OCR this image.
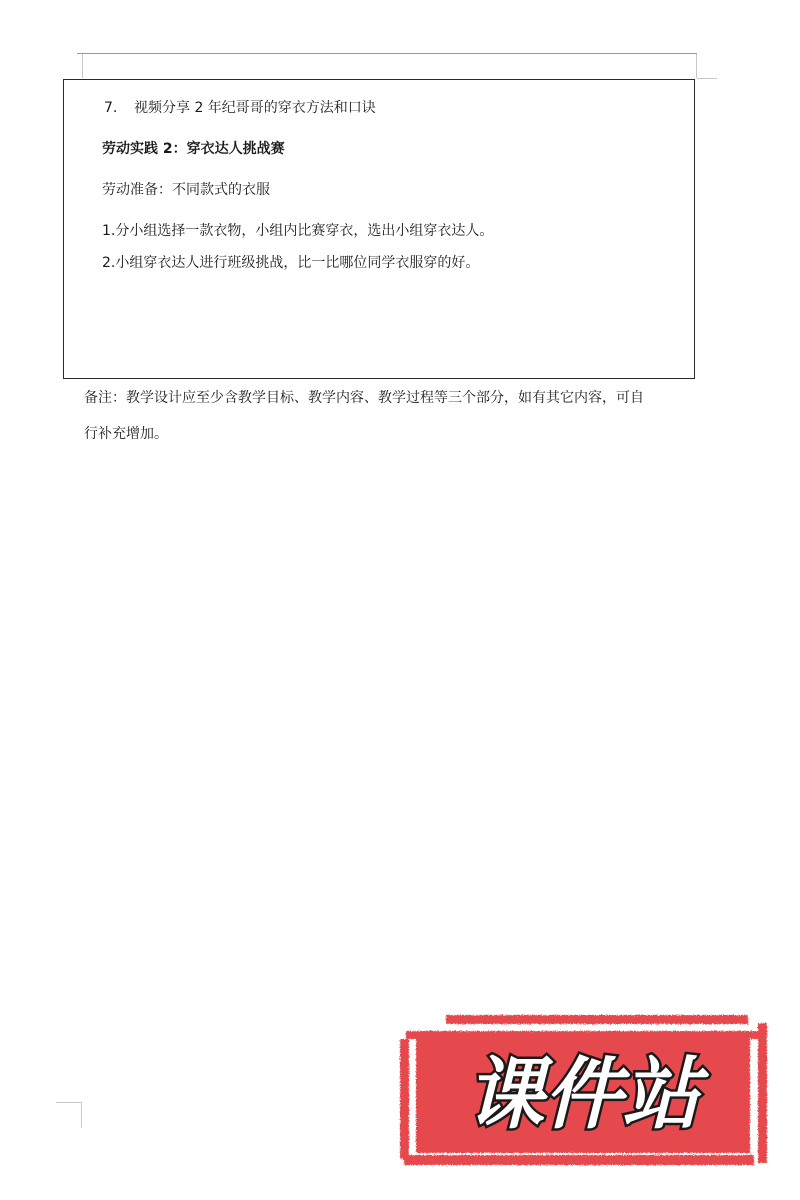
7. 视频分享 2 年纪哥哥的穿衣方法和口诀
劳动实践 2：穿衣达人挑战赛
劳动准备：不同款式的衣服
1.分小组选择一款衣物，小组内比赛穿衣，选出小组穿衣达人。
2.小组穿衣达人进行班级挑战，比一比哪位同学衣服穿的好。
备注：教学设计应至少含教学目标、教学内容、教学过程等三个部分，如有其它内容，可自
行补充增加。
课件站
